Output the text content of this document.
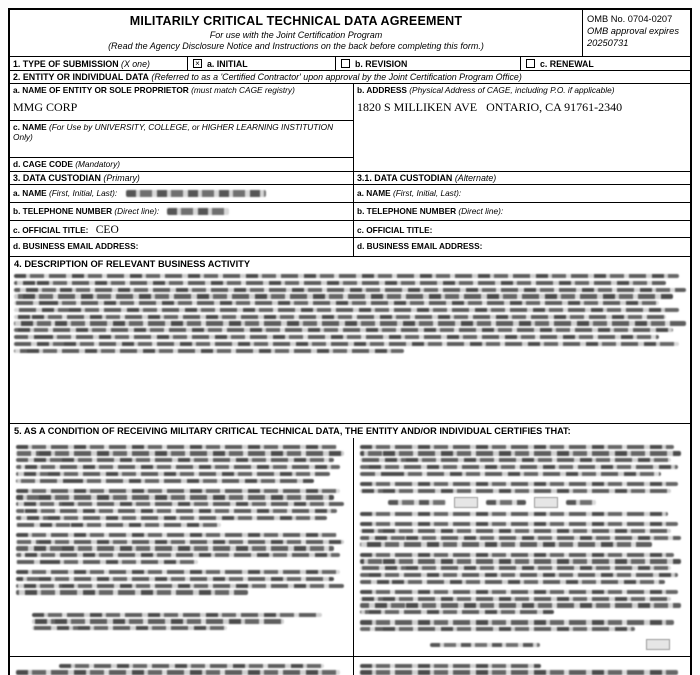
MILITARILY CRITICAL TECHNICAL DATA AGREEMENT
For use with the Joint Certification Program
(Read the Agency Disclosure Notice and Instructions on the back before completing this form.)
OMB No. 0704-0207
OMB approval expires
20250731
1. TYPE OF SUBMISSION (X one)	× a. INITIAL	b. REVISION	c. RENEWAL
2. ENTITY OR INDIVIDUAL DATA (Referred to as a 'Certified Contractor' upon approval by the Joint Certification Program Office)
a. NAME OF ENTITY OR SOLE PROPRIETOR (must match CAGE registry)
MMG CORP
c. NAME (For Use by UNIVERSITY, COLLEGE, or HIGHER LEARNING INSTITUTION Only)
d. CAGE CODE (Mandatory)
b. ADDRESS (Physical Address of CAGE, including P.O. if applicable)
1820 S MILLIKEN AVE   ONTARIO, CA 91761-2340
3. DATA CUSTODIAN (Primary)
a. NAME (First, Initial, Last):
b. TELEPHONE NUMBER (Direct line):
c. OFFICIAL TITLE: CEO
d. BUSINESS EMAIL ADDRESS:
3.1. DATA CUSTODIAN (Alternate)
a. NAME (First, Initial, Last):
b. TELEPHONE NUMBER (Direct line):
c. OFFICIAL TITLE:
d. BUSINESS EMAIL ADDRESS:
4. DESCRIPTION OF RELEVANT BUSINESS ACTIVITY
5. AS A CONDITION OF RECEIVING MILITARY CRITICAL TECHNICAL DATA, THE ENTITY AND/OR INDIVIDUAL CERTIFIES THAT:
